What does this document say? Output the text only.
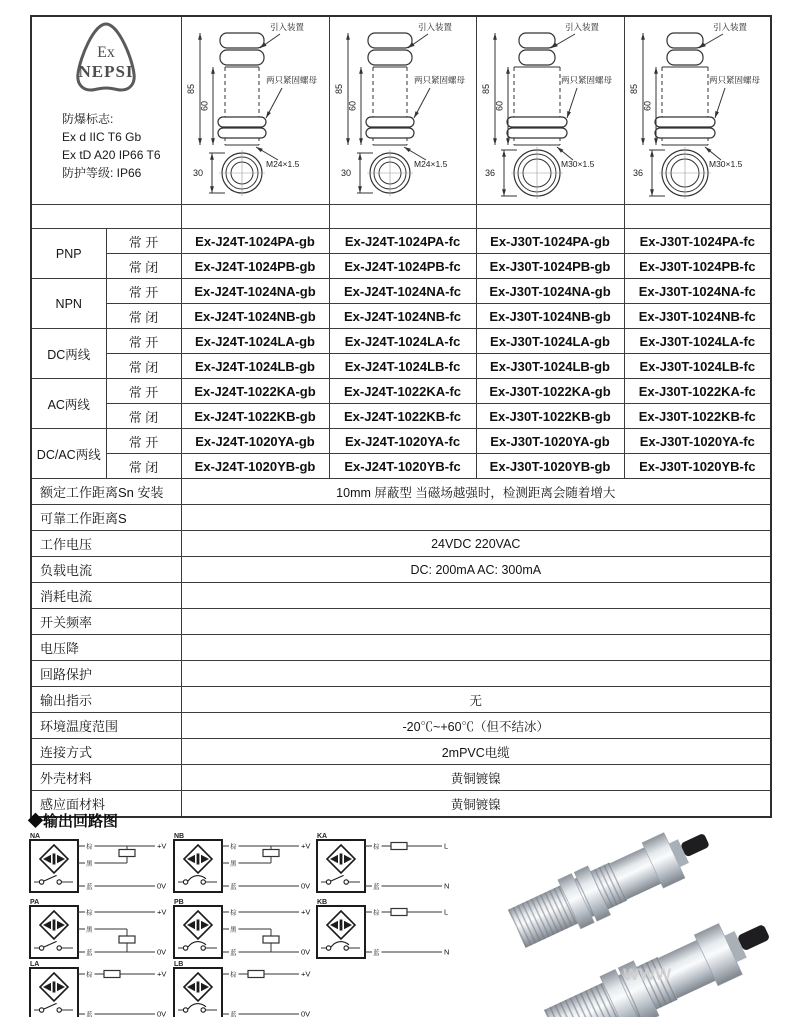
Ex
NEPSI
防爆标志:
Ex d IIC T6 Gb
Ex tD A20 IP66 T6
防护等级: IP66

85
60
引入装置
两只紧固螺母
M24×1.5
30

85
60
引入装置
两只紧固螺母
M24×1.5
30

85
60
引入装置
两只紧固螺母
M30×1.5
36

85
60
引入装置
两只紧固螺母
M30×1.5
36

PNP	常 开	Ex-J24T-1024PA-gb	Ex-J24T-1024PA-fc	Ex-J30T-1024PA-gb	Ex-J30T-1024PA-fc
	常 闭	Ex-J24T-1024PB-gb	Ex-J24T-1024PB-fc	Ex-J30T-1024PB-gb	Ex-J30T-1024PB-fc
NPN	常 开	Ex-J24T-1024NA-gb	Ex-J24T-1024NA-fc	Ex-J30T-1024NA-gb	Ex-J30T-1024NA-fc
	常 闭	Ex-J24T-1024NB-gb	Ex-J24T-1024NB-fc	Ex-J30T-1024NB-gb	Ex-J30T-1024NB-fc
DC两线	常 开	Ex-J24T-1024LA-gb	Ex-J24T-1024LA-fc	Ex-J30T-1024LA-gb	Ex-J30T-1024LA-fc
	常 闭	Ex-J24T-1024LB-gb	Ex-J24T-1024LB-fc	Ex-J30T-1024LB-gb	Ex-J30T-1024LB-fc
AC两线	常 开	Ex-J24T-1022KA-gb	Ex-J24T-1022KA-fc	Ex-J30T-1022KA-gb	Ex-J30T-1022KA-fc
	常 闭	Ex-J24T-1022KB-gb	Ex-J24T-1022KB-fc	Ex-J30T-1022KB-gb	Ex-J30T-1022KB-fc
DC/AC两线	常 开	Ex-J24T-1020YA-gb	Ex-J24T-1020YA-fc	Ex-J30T-1020YA-gb	Ex-J30T-1020YA-fc
	常 闭	Ex-J24T-1020YB-gb	Ex-J24T-1020YB-fc	Ex-J30T-1020YB-gb	Ex-J30T-1020YB-fc
额定工作距离Sn 安装		10mm 屏蔽型 当磁场越强时，检测距离会随着增大			
可靠工作距离S					
工作电压		24VDC 220VAC			
负载电流		DC: 200mA AC: 300mA			
消耗电流					
开关频率					
电压降					
回路保护					
输出指示		无			
环境温度范围		-20℃~+60℃（但不结冰）			
连接方式		2mPVC电缆			
外壳材料		黄铜镀镍			
感应面材料		黄铜镀镍			
◆输出回路图
NA
棕	+V
黑
蓝	0V
NB
棕	+V
黑
蓝	0V
KA
棕	L
蓝	N
PA
棕	+V
黑
蓝	0V
PB
棕	+V
黑
蓝	0V
KB
棕	L
蓝	N
LA
棕	+V
蓝	0V
LB
棕	+V
蓝	0V
WWW
